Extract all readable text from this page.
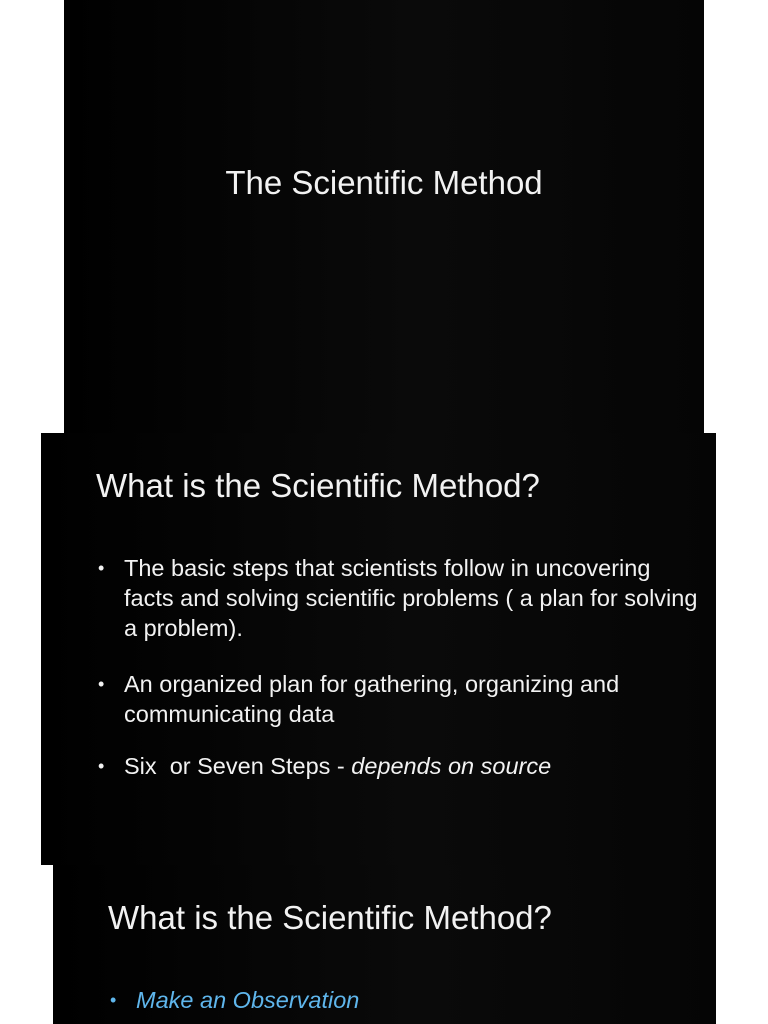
The Scientific Method
What is the Scientific Method?
• The basic steps that scientists follow in uncovering facts and solving scientific problems ( a plan for solving a problem).
• An organized plan for gathering, organizing and communicating data
• Six  or Seven Steps - depends on source
What is the Scientific Method?
• Make an Observation
